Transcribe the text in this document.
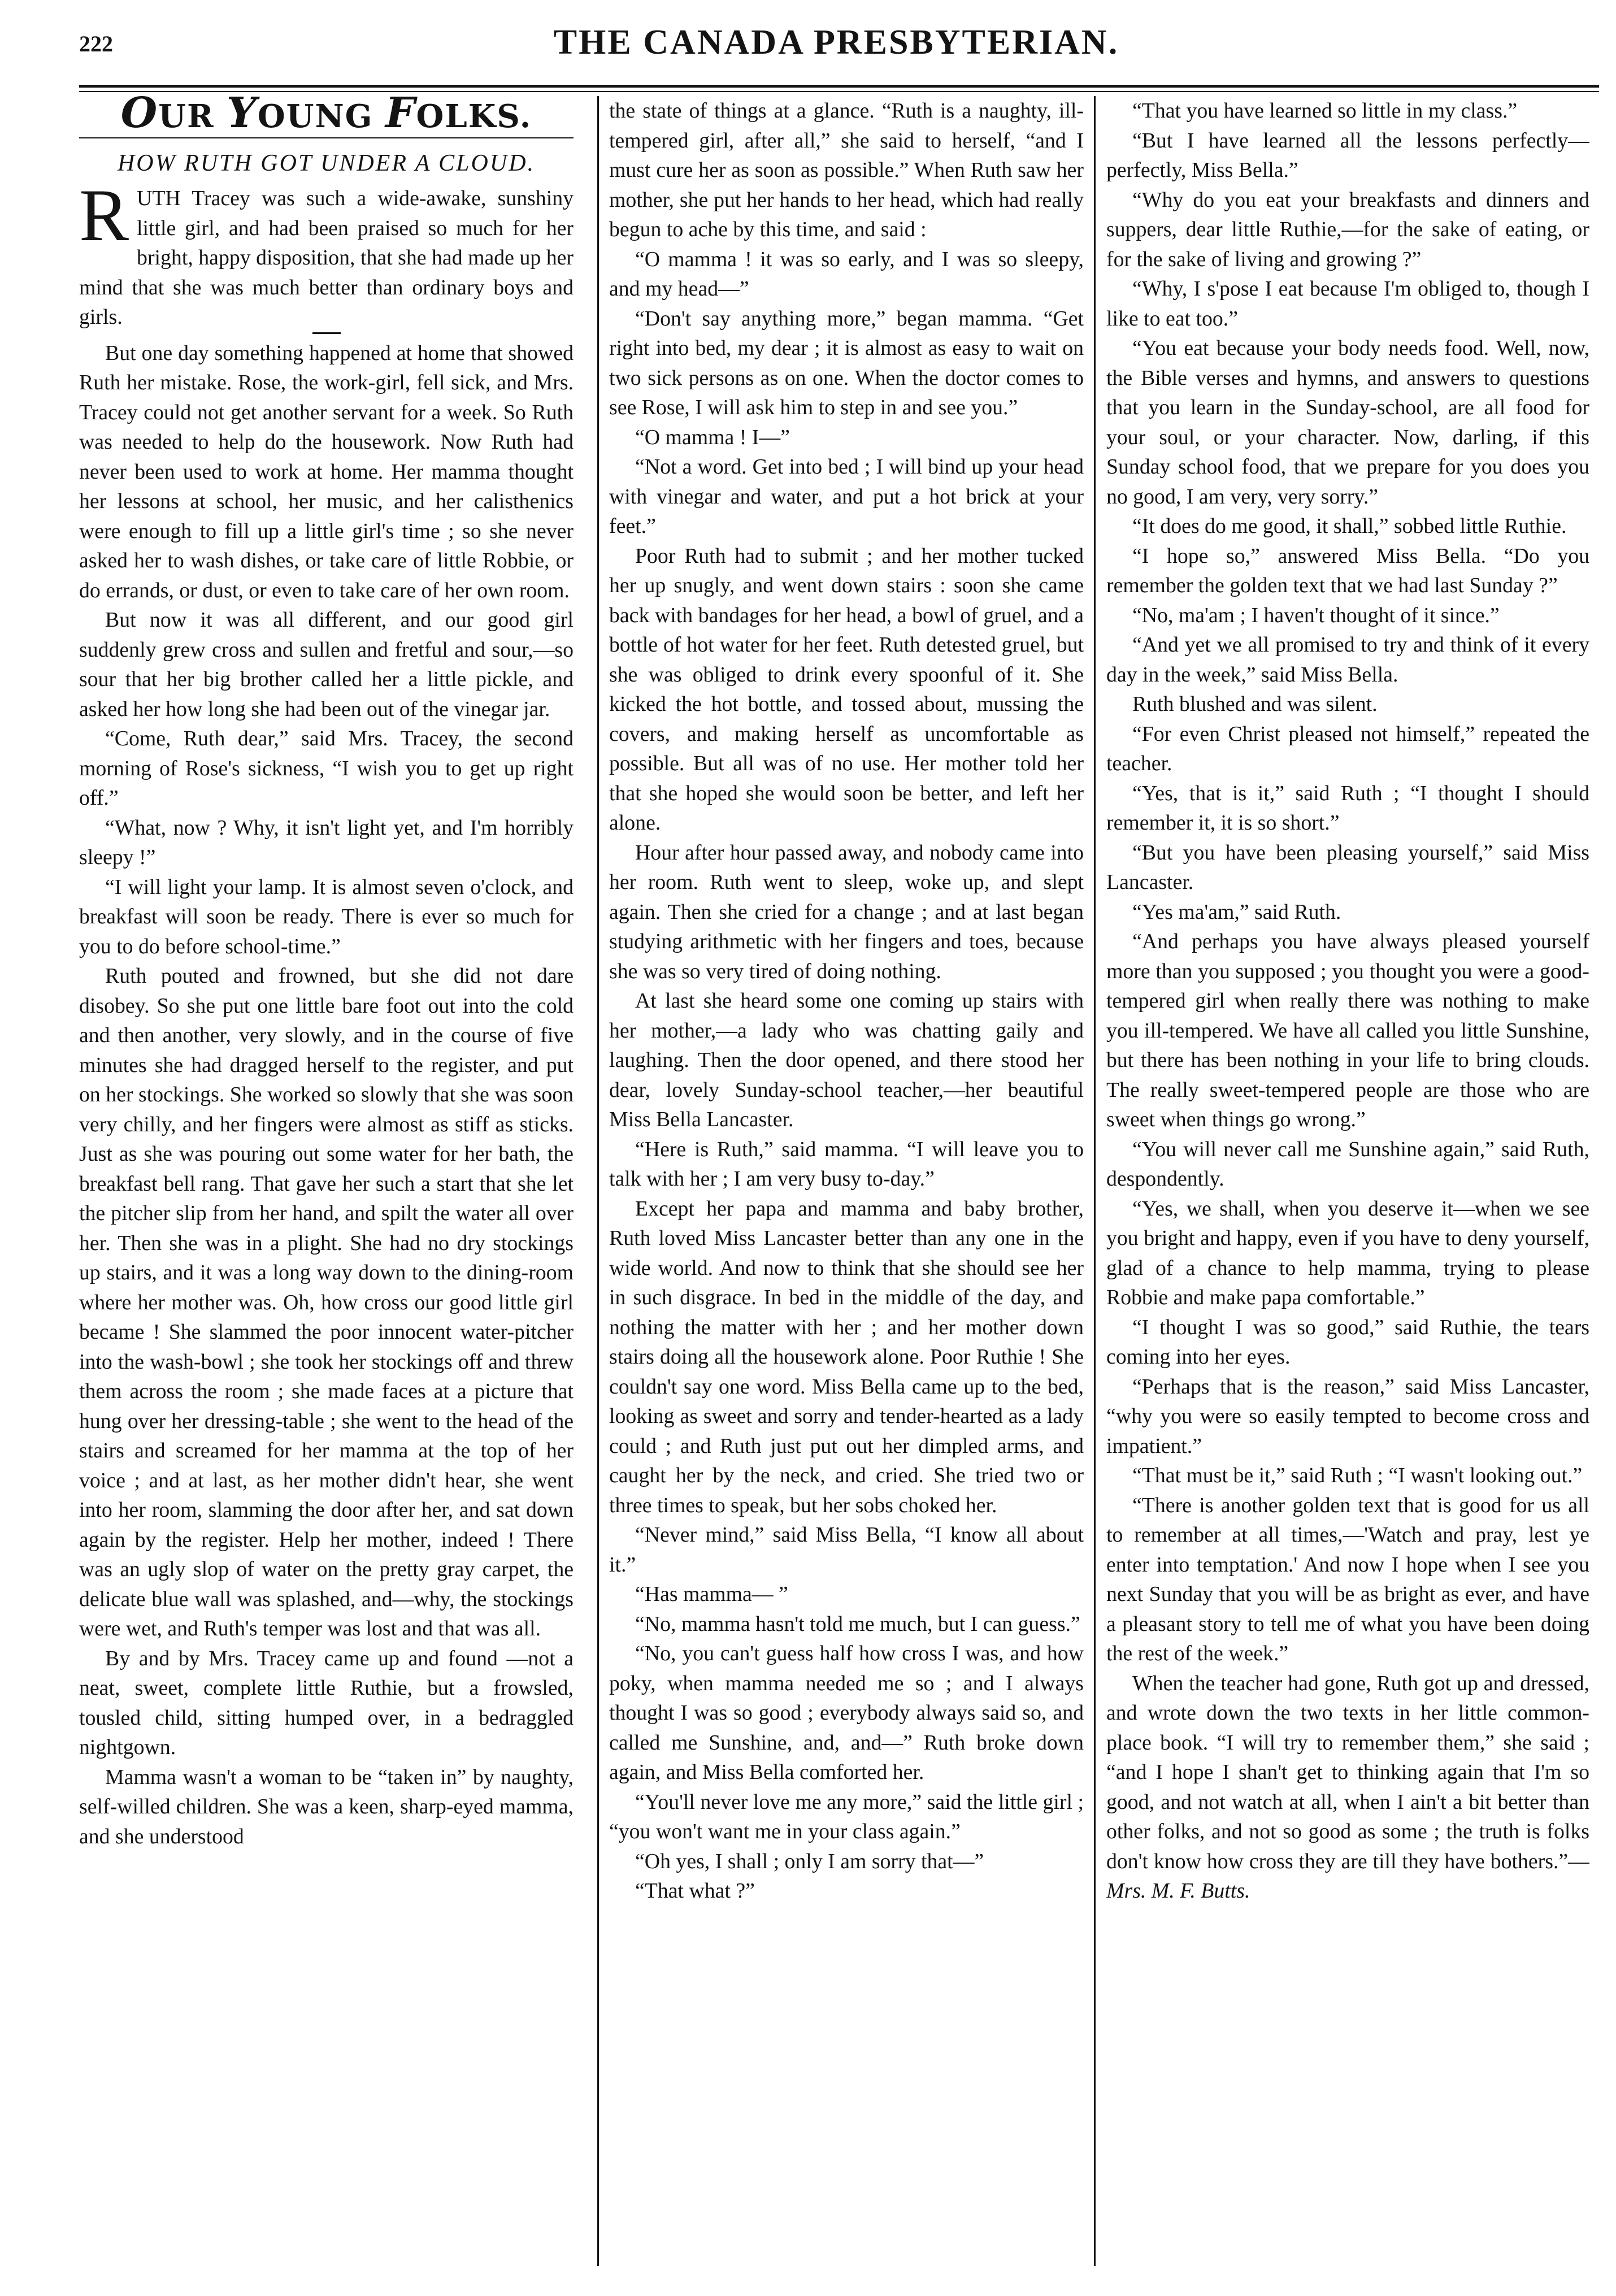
222	THE CANADA PRESBYTERIAN.
OUR YOUNG FOLKS.
HOW RUTH GOT UNDER A CLOUD.

RUTH Tracey was such a wide-awake, sunshiny little girl, and had been praised so much for her bright, happy disposition, that she had made up her mind that she was much better than ordinary boys and girls.

But one day something happened at home that showed Ruth her mistake. Rose, the work-girl, fell sick, and Mrs. Tracey could not get another servant for a week. So Ruth was needed to help do the housework. Now Ruth had never been used to work at home. Her mamma thought her lessons at school, her music, and her calisthenics were enough to fill up a little girl's time ; so she never asked her to wash dishes, or take care of little Robbie, or do errands, or dust, or even to take care of her own room.

But now it was all different, and our good girl suddenly grew cross and sullen and fretful and sour,—so sour that her big brother called her a little pickle, and asked her how long she had been out of the vinegar jar.

“Come, Ruth dear,” said Mrs. Tracey, the second morning of Rose's sickness, “I wish you to get up right off.”

“What, now ? Why, it isn't light yet, and I'm horribly sleepy !”

“I will light your lamp. It is almost seven o'clock, and breakfast will soon be ready. There is ever so much for you to do before school-time.”

Ruth pouted and frowned, but she did not dare disobey. So she put one little bare foot out into the cold and then another, very slowly, and in the course of five minutes she had dragged herself to the register, and put on her stockings. She worked so slowly that she was soon very chilly, and her fingers were almost as stiff as sticks. Just as she was pouring out some water for her bath, the breakfast bell rang. That gave her such a start that she let the pitcher slip from her hand, and spilt the water all over her. Then she was in a plight. She had no dry stockings up stairs, and it was a long way down to the dining-room where her mother was. Oh, how cross our good little girl became ! She slammed the poor innocent water-pitcher into the wash-bowl ; she took her stockings off and threw them across the room ; she made faces at a picture that hung over her dressing-table ; she went to the head of the stairs and screamed for her mamma at the top of her voice ; and at last, as her mother didn't hear, she went into her room, slamming the door after her, and sat down again by the register. Help her mother, indeed ! There was an ugly slop of water on the pretty gray carpet, the delicate blue wall was splashed, and—why, the stockings were wet, and Ruth's temper was lost and that was all.

By and by Mrs. Tracey came up and found —not a neat, sweet, complete little Ruthie, but a frowsled, tousled child, sitting humped over, in a bedraggled nightgown.

Mamma wasn't a woman to be “taken in” by naughty, self-willed children. She was a keen, sharp-eyed mamma, and she understood

the state of things at a glance. “Ruth is a naughty, ill-tempered girl, after all,” she said to herself, “and I must cure her as soon as possible.” When Ruth saw her mother, she put her hands to her head, which had really begun to ache by this time, and said :

“O mamma ! it was so early, and I was so sleepy, and my head—”

“Don't say anything more,” began mamma. “Get right into bed, my dear ; it is almost as easy to wait on two sick persons as on one. When the doctor comes to see Rose, I will ask him to step in and see you.”

“O mamma ! I—”

“Not a word. Get into bed ; I will bind up your head with vinegar and water, and put a hot brick at your feet.”

Poor Ruth had to submit ; and her mother tucked her up snugly, and went down stairs : soon she came back with bandages for her head, a bowl of gruel, and a bottle of hot water for her feet. Ruth detested gruel, but she was obliged to drink every spoonful of it. She kicked the hot bottle, and tossed about, mussing the covers, and making herself as uncomfortable as possible. But all was of no use. Her mother told her that she hoped she would soon be better, and left her alone.

Hour after hour passed away, and nobody came into her room. Ruth went to sleep, woke up, and slept again. Then she cried for a change ; and at last began studying arithmetic with her fingers and toes, because she was so very tired of doing nothing.

At last she heard some one coming up stairs with her mother,—a lady who was chatting gaily and laughing. Then the door opened, and there stood her dear, lovely Sunday-school teacher,—her beautiful Miss Bella Lancaster.

“Here is Ruth,” said mamma. “I will leave you to talk with her ; I am very busy to-day.”

Except her papa and mamma and baby brother, Ruth loved Miss Lancaster better than any one in the wide world. And now to think that she should see her in such disgrace. In bed in the middle of the day, and nothing the matter with her ; and her mother down stairs doing all the housework alone. Poor Ruthie ! She couldn't say one word. Miss Bella came up to the bed, looking as sweet and sorry and tender-hearted as a lady could ; and Ruth just put out her dimpled arms, and caught her by the neck, and cried. She tried two or three times to speak, but her sobs choked her.

“Never mind,” said Miss Bella, “I know all about it.”

“Has mamma— ”

“No, mamma hasn't told me much, but I can guess.”

“No, you can't guess half how cross I was, and how poky, when mamma needed me so ; and I always thought I was so good ; everybody always said so, and called me Sunshine, and, and—” Ruth broke down again, and Miss Bella comforted her.

“You'll never love me any more,” said the little girl ; “you won't want me in your class again.”

“Oh yes, I shall ; only I am sorry that—”

“That what ?”

“That you have learned so little in my class.”

“But I have learned all the lessons perfectly—perfectly, Miss Bella.”

“Why do you eat your breakfasts and dinners and suppers, dear little Ruthie,—for the sake of eating, or for the sake of living and growing ?”

“Why, I s'pose I eat because I'm obliged to, though I like to eat too.”

“You eat because your body needs food. Well, now, the Bible verses and hymns, and answers to questions that you learn in the Sunday-school, are all food for your soul, or your character. Now, darling, if this Sunday school food, that we prepare for you does you no good, I am very, very sorry.”

“It does do me good, it shall,” sobbed little Ruthie.

“I hope so,” answered Miss Bella. “Do you remember the golden text that we had last Sunday ?”

“No, ma'am ; I haven't thought of it since.”

“And yet we all promised to try and think of it every day in the week,” said Miss Bella.

Ruth blushed and was silent.

“For even Christ pleased not himself,” repeated the teacher.

“Yes, that is it,” said Ruth ; “I thought I should remember it, it is so short.”

“But you have been pleasing yourself,” said Miss Lancaster.

“Yes ma'am,” said Ruth.

“And perhaps you have always pleased yourself more than you supposed ; you thought you were a good-tempered girl when really there was nothing to make you ill-tempered. We have all called you little Sunshine, but there has been nothing in your life to bring clouds. The really sweet-tempered people are those who are sweet when things go wrong.”

“You will never call me Sunshine again,” said Ruth, despondently.

“Yes, we shall, when you deserve it—when we see you bright and happy, even if you have to deny yourself, glad of a chance to help mamma, trying to please Robbie and make papa comfortable.”

“I thought I was so good,” said Ruthie, the tears coming into her eyes.

“Perhaps that is the reason,” said Miss Lancaster, “why you were so easily tempted to become cross and impatient.”

“That must be it,” said Ruth ; “I wasn't looking out.”

“There is another golden text that is good for us all to remember at all times,—'Watch and pray, lest ye enter into temptation.' And now I hope when I see you next Sunday that you will be as bright as ever, and have a pleasant story to tell me of what you have been doing the rest of the week.”

When the teacher had gone, Ruth got up and dressed, and wrote down the two texts in her little common-place book. “I will try to remember them,” she said ; “and I hope I shan't get to thinking again that I'm so good, and not watch at all, when I ain't a bit better than other folks, and not so good as some ; the truth is folks don't know how cross they are till they have bothers.”—Mrs. M. F. Butts.
